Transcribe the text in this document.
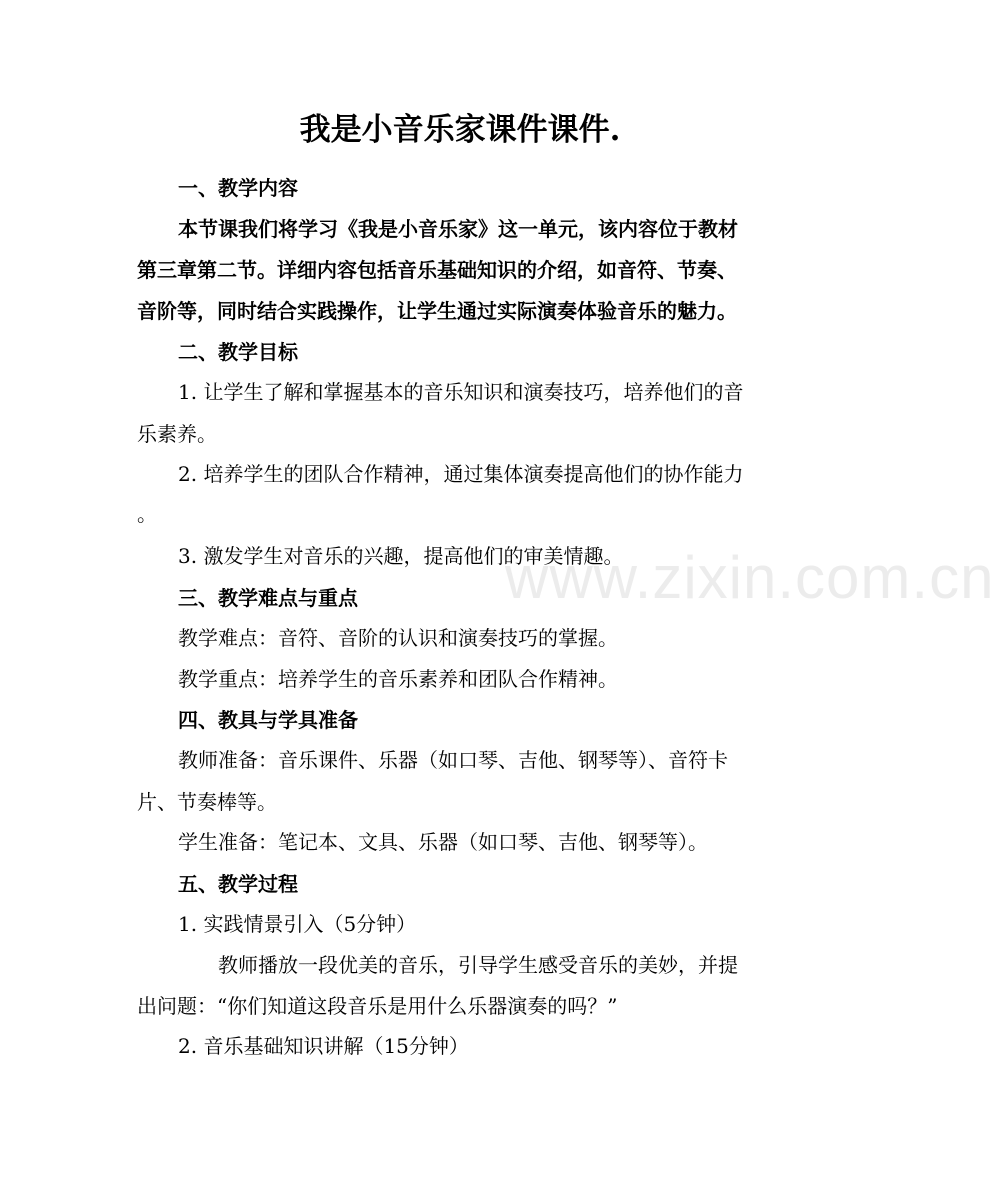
www.zixin.com.cn
我是小音乐家课件课件.
一、教学内容
本节课我们将学习《我是小音乐家》这一单元，该内容位于教材
第三章第二节。详细内容包括音乐基础知识的介绍，如音符、节奏、
音阶等，同时结合实践操作，让学生通过实际演奏体验音乐的魅力。
二、教学目标
1. 让学生了解和掌握基本的音乐知识和演奏技巧，培养他们的音
乐素养。
2. 培养学生的团队合作精神，通过集体演奏提高他们的协作能力
。
3. 激发学生对音乐的兴趣，提高他们的审美情趣。
三、教学难点与重点
教学难点：音符、音阶的认识和演奏技巧的掌握。
教学重点：培养学生的音乐素养和团队合作精神。
四、教具与学具准备
教师准备：音乐课件、乐器（如口琴、吉他、钢琴等）、音符卡
片、节奏棒等。
学生准备：笔记本、文具、乐器（如口琴、吉他、钢琴等）。
五、教学过程
1. 实践情景引入（5分钟）
教师播放一段优美的音乐，引导学生感受音乐的美妙，并提
出问题：“你们知道这段音乐是用什么乐器演奏的吗？”
2. 音乐基础知识讲解（15分钟）
